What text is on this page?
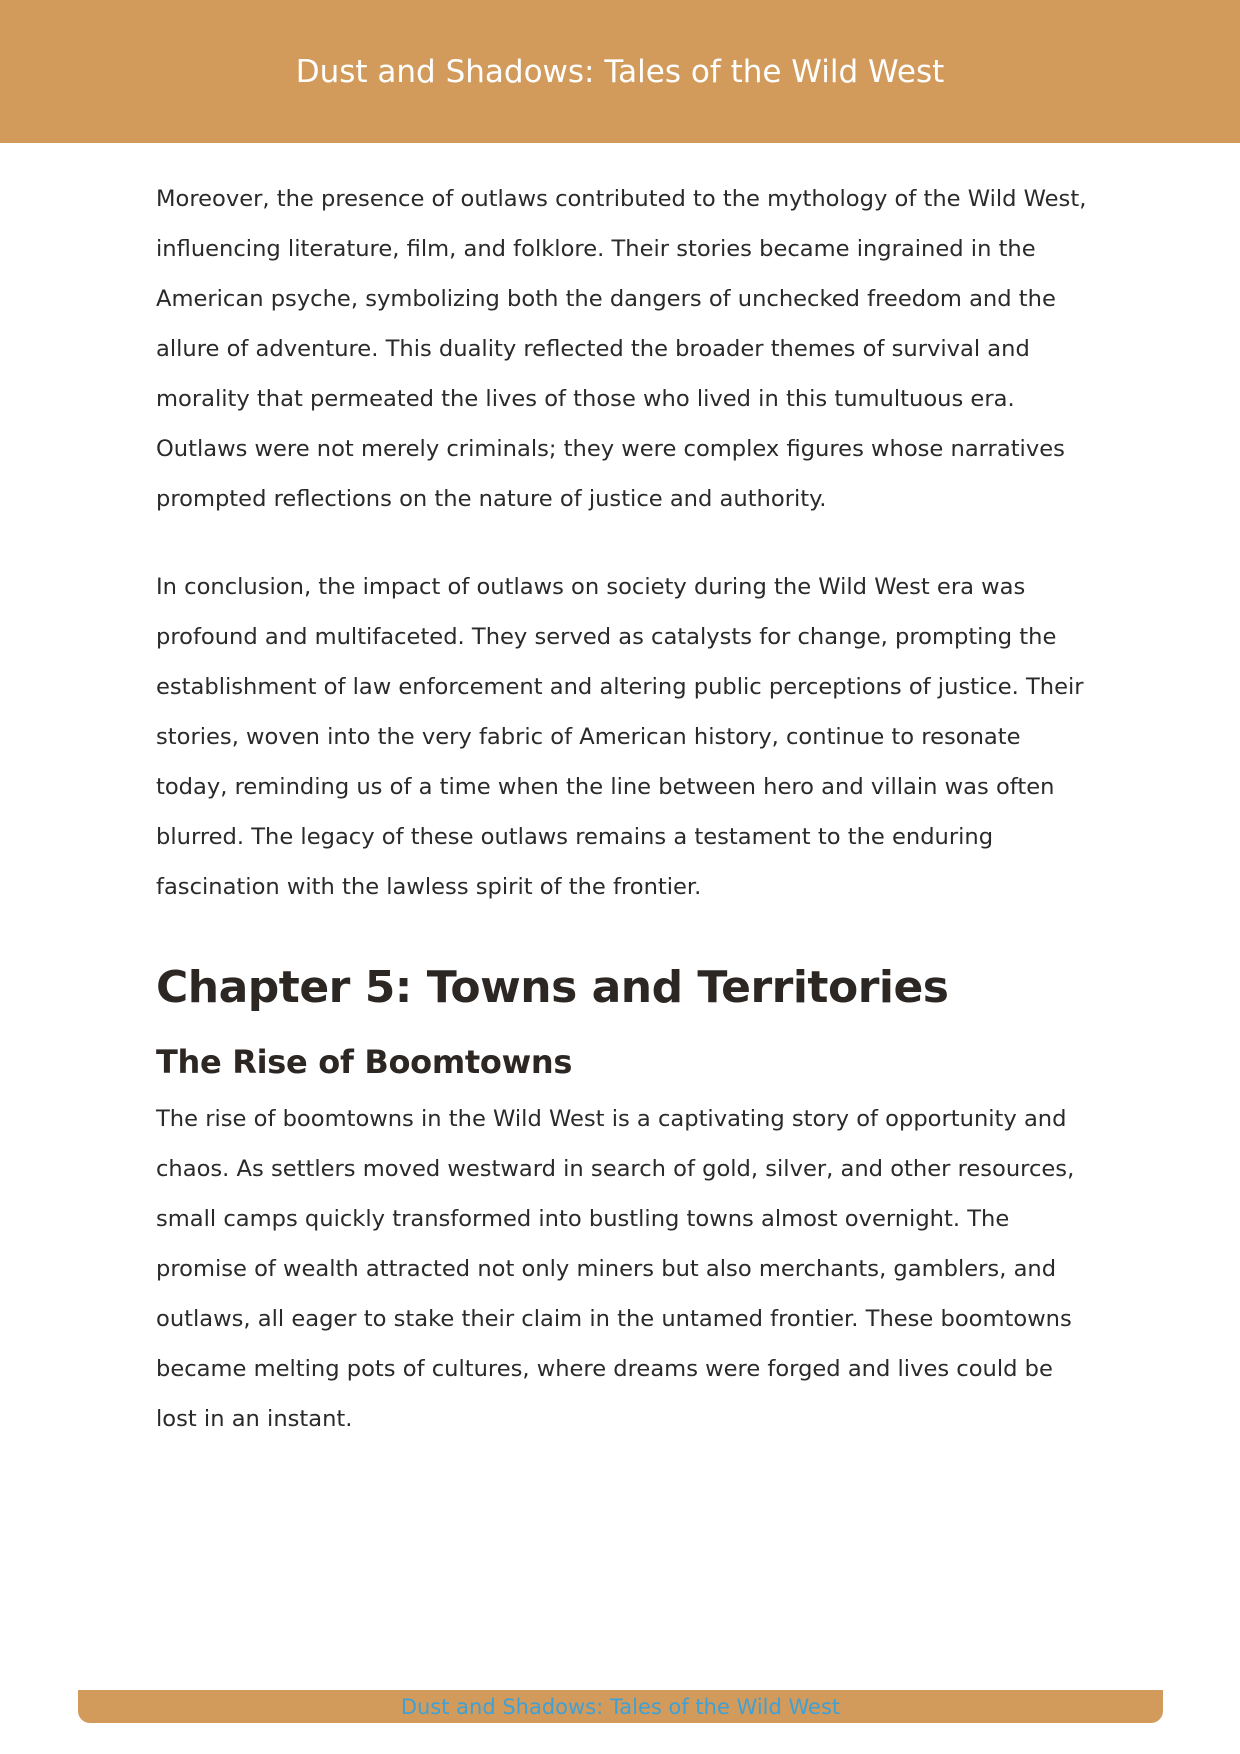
Dust and Shadows: Tales of the Wild West

Moreover, the presence of outlaws contributed to the mythology of the Wild West, influencing literature, film, and folklore. Their stories became ingrained in the American psyche, symbolizing both the dangers of unchecked freedom and the allure of adventure. This duality reflected the broader themes of survival and morality that permeated the lives of those who lived in this tumultuous era. Outlaws were not merely criminals; they were complex figures whose narratives prompted reflections on the nature of justice and authority.

In conclusion, the impact of outlaws on society during the Wild West era was profound and multifaceted. They served as catalysts for change, prompting the establishment of law enforcement and altering public perceptions of justice. Their stories, woven into the very fabric of American history, continue to resonate today, reminding us of a time when the line between hero and villain was often blurred. The legacy of these outlaws remains a testament to the enduring fascination with the lawless spirit of the frontier.

Chapter 5: Towns and Territories
The Rise of Boomtowns

The rise of boomtowns in the Wild West is a captivating story of opportunity and chaos. As settlers moved westward in search of gold, silver, and other resources, small camps quickly transformed into bustling towns almost overnight. The promise of wealth attracted not only miners but also merchants, gamblers, and outlaws, all eager to stake their claim in the untamed frontier. These boomtowns became melting pots of cultures, where dreams were forged and lives could be lost in an instant.

Dust and Shadows: Tales of the Wild West
